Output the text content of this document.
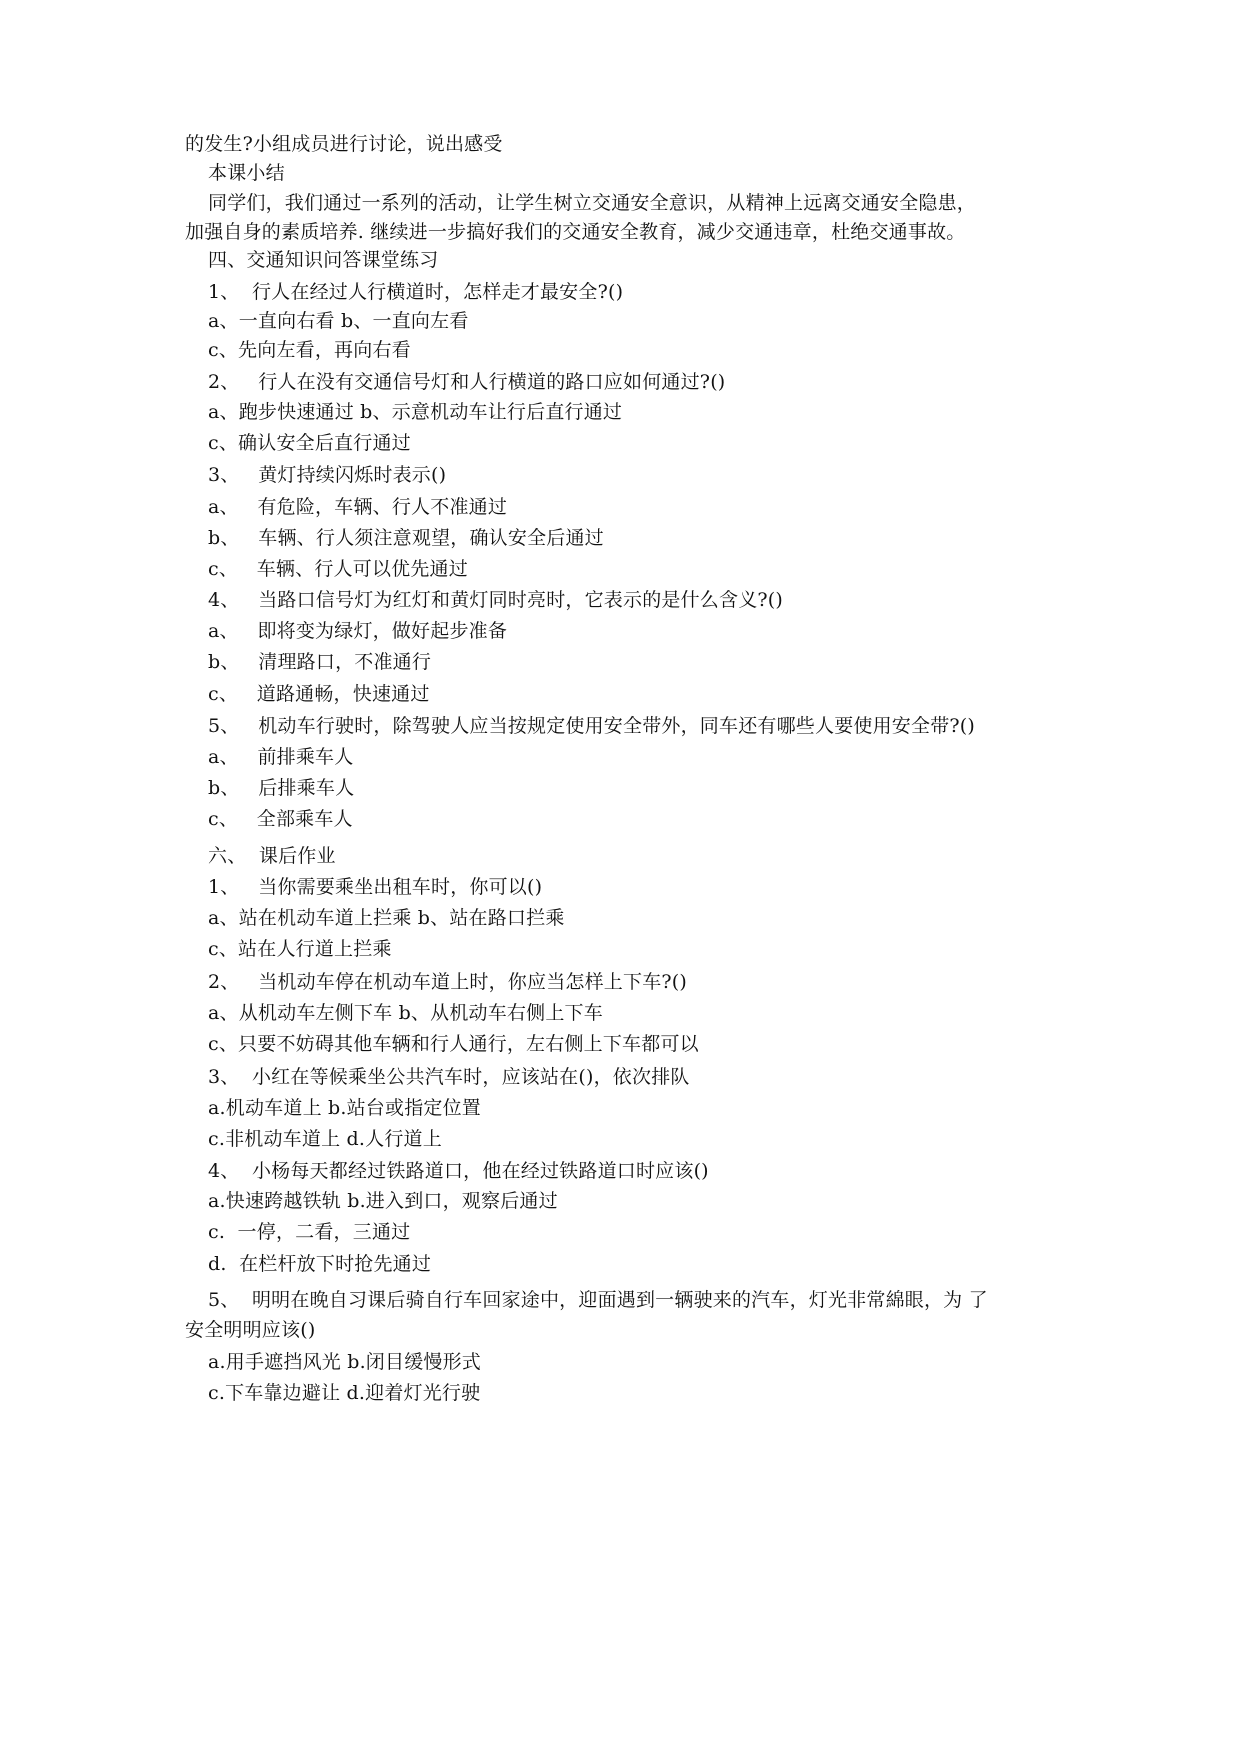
的发生?小组成员进行讨论，说出感受
本课小结
同学们，我们通过一系列的活动，让学生树立交通安全意识，从精神上远离交通安全隐患，
加强自身的素质培养. 继续进一步搞好我们的交通安全教育，减少交通违章，杜绝交通事故。
四、交通知识问答课堂练习
1、  行人在经过人行横道时，怎样走才最安全?()
a、一直向右看 b、一直向左看
c、先向左看，再向右看
2、   行人在没有交通信号灯和人行横道的路口应如何通过?()
a、跑步快速通过 b、示意机动车让行后直行通过
c、确认安全后直行通过
3、   黄灯持续闪烁时表示()
a、   有危险，车辆、行人不准通过
b、   车辆、行人须注意观望，确认安全后通过
c、   车辆、行人可以优先通过
4、   当路口信号灯为红灯和黄灯同时亮时，它表示的是什么含义?()
a、   即将变为绿灯，做好起步准备
b、   清理路口，不准通行
c、   道路通畅，快速通过
5、   机动车行驶时，除驾驶人应当按规定使用安全带外，同车还有哪些人要使用安全带?()
a、   前排乘车人
b、   后排乘车人
c、   全部乘车人
六、  课后作业
1、   当你需要乘坐出租车时，你可以()
a、站在机动车道上拦乘 b、站在路口拦乘
c、站在人行道上拦乘
2、   当机动车停在机动车道上时，你应当怎样上下车?()
a、从机动车左侧下车 b、从机动车右侧上下车
c、只要不妨碍其他车辆和行人通行，左右侧上下车都可以
3、  小红在等候乘坐公共汽车时，应该站在()，依次排队
a.机动车道上 b.站台或指定位置
c.非机动车道上 d.人行道上
4、  小杨每天都经过铁路道口，他在经过铁路道口时应该()
a.快速跨越铁轨 b.进入到口，观察后通过
c.  一停，二看，三通过
d.  在栏杆放下时抢先通过
5、  明明在晚自习课后骑自行车回家途中，迎面遇到一辆驶来的汽车，灯光非常綿眼，为 了
安全明明应该()
a.用手遮挡风光 b.闭目缓慢形式
c.下车靠边避让 d.迎着灯光行驶
